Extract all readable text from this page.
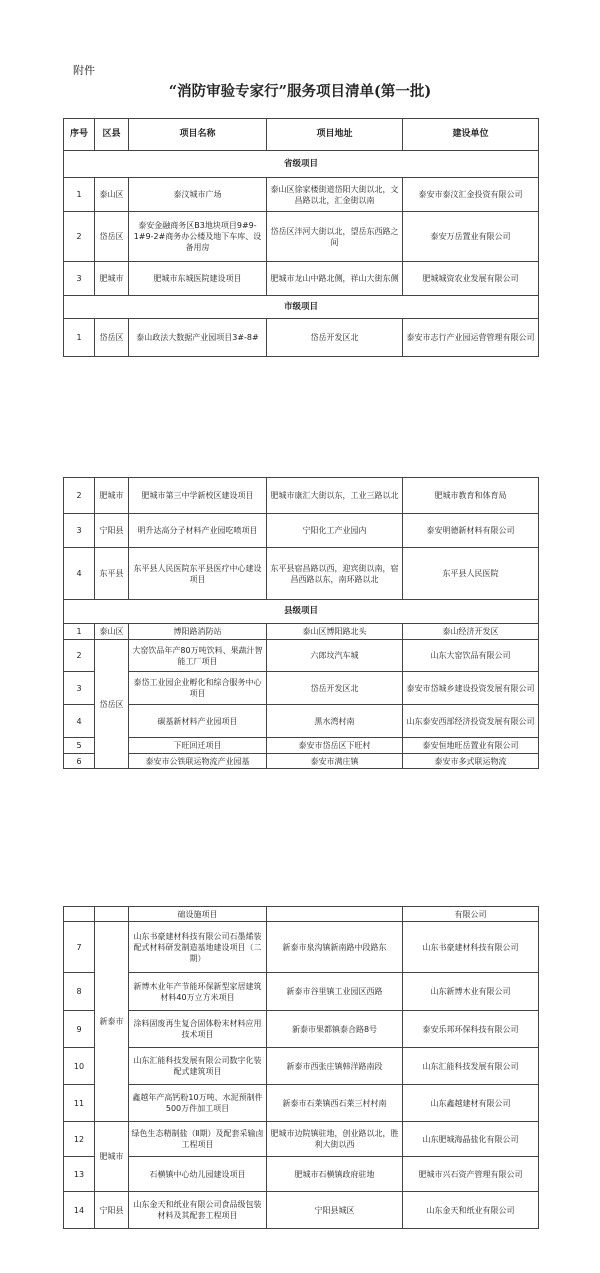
附件
“消防审验专家行”服务项目清单(第一批)
序号	区县	项目名称	项目地址	建设单位
省级项目				
1	泰山区	泰汶城市广场	泰山区徐家楼街道岱阳大街以北，文昌路以北，汇金街以南	泰安市泰汶汇金投资有限公司
2	岱岳区	泰安金融商务区B3地块项目9#9-1#9-2#商务办公楼及地下车库、设备用房	岱岳区泮河大街以北，望岳东西路之间	泰安万岳置业有限公司
3	肥城市	肥城市东城医院建设项目	肥城市龙山中路北侧，祥山大街东侧	肥城城资农业发展有限公司
市级项目				
1	岱岳区	泰山政法大数据产业园项目3#-8#	岱岳开发区北	泰安市志行产业园运营管理有限公司
2	肥城市	肥城市第三中学新校区建设项目	肥城市康汇大街以东，工业三路以北	肥城市教育和体育局
3	宁阳县	明升达高分子材料产业园吃喷项目	宁阳化工产业园内	泰安明德新材料有限公司
4	东平县	东平县人民医院东平县医疗中心建设项目	东平县宿昌路以西，迎宾街以南，宿昌西路以东，南环路以北	东平县人民医院
县级项目				
1	泰山区	博阳路消防站	泰山区博阳路北头	泰山经济开发区
2	岱岳区	大窑饮品年产80万吨饮料、果蔬汁智能工厂项目	六郎坟汽车城	山东大窑饮品有限公司
3		泰岱工业园企业孵化和综合服务中心项目	岱岳开发区北	泰安市岱城乡建设投资发展有限公司
4		碳基新材料产业园项目	黑水湾村南	山东泰安西部经济投资发展有限公司
5		下旺回迁项目	泰安市岱岳区下旺村	泰安恒地旺岳置业有限公司
6		泰安市公铁联运物流产业园基	泰安市满庄镇	泰安市多式联运物流
		础设施项目		有限公司
7	新泰市	山东书豪建材科技有限公司石墨烯装配式材料研发制造基地建设项目（二期）	新泰市泉沟镇新南路中段路东	山东书豪建材科技有限公司
8		新博木业年产节能环保新型家居建筑材料40万立方米项目	新泰市谷里镇工业园区西路	山东新博木业有限公司
9		涂料固废再生复合固体粉末材料应用技术项目	新泰市果都镇泰合路8号	泰安乐邦环保科技有限公司
10		山东汇能科技发展有限公司数字化装配式建筑项目	新泰市西张庄镇韩洋路南段	山东汇能科技发展有限公司
11		鑫越年产高钙粉10万吨、水泥预制件500万件加工项目	新泰市石莱镇西石莱三村村南	山东鑫越建材有限公司
12	肥城市	绿色生态精制盐（Ⅱ期）及配套采输卤工程项目	肥城市边院镇驻地，创业路以北，胜利大街以西	山东肥城海晶盐化有限公司
13		石横镇中心幼儿园建设项目	肥城市石横镇政府驻地	肥城市兴石资产管理有限公司
14	宁阳县	山东金天和纸业有限公司食品级包装材料及其配套工程项目	宁阳县城区	山东金天和纸业有限公司
